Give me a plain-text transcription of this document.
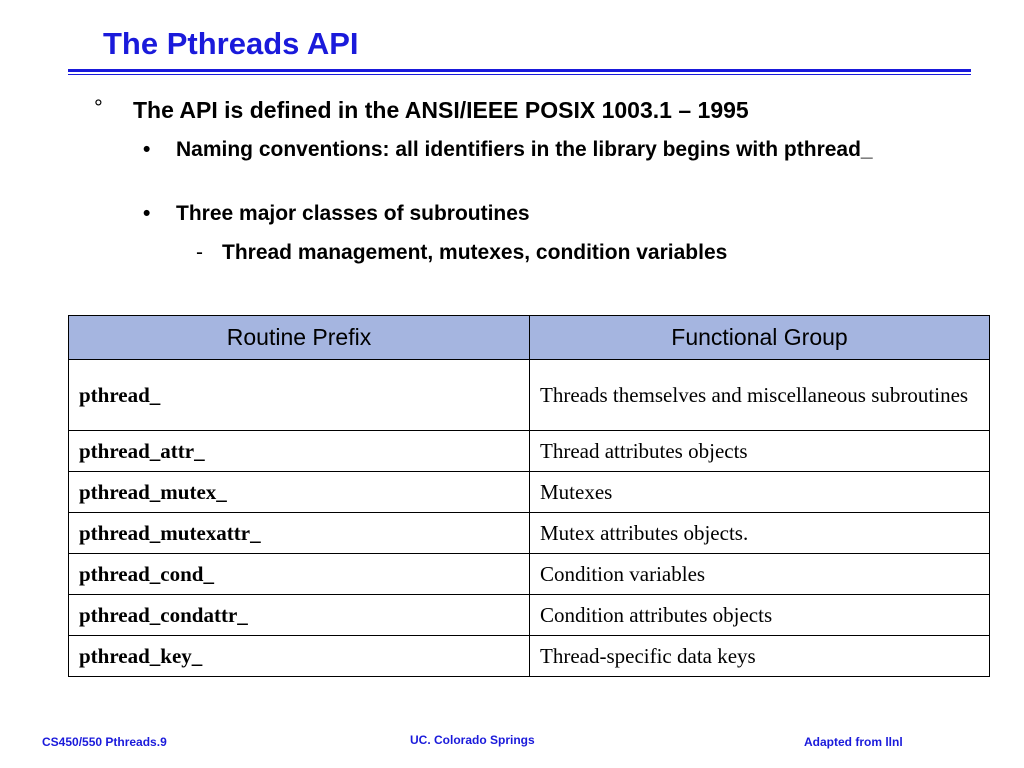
The Pthreads API
° The API is defined in the ANSI/IEEE POSIX 1003.1 – 1995
• Naming conventions: all identifiers in the library begins with pthread_
• Three major classes of subroutines
- Thread management, mutexes, condition variables
Routine Prefix	Functional Group
pthread_	Threads themselves and miscellaneous subroutines
pthread_attr_	Thread attributes objects
pthread_mutex_	Mutexes
pthread_mutexattr_	Mutex attributes objects.
pthread_cond_	Condition variables
pthread_condattr_	Condition attributes objects
pthread_key_	Thread-specific data keys
CS450/550 Pthreads.9	UC. Colorado Springs	Adapted from llnl
